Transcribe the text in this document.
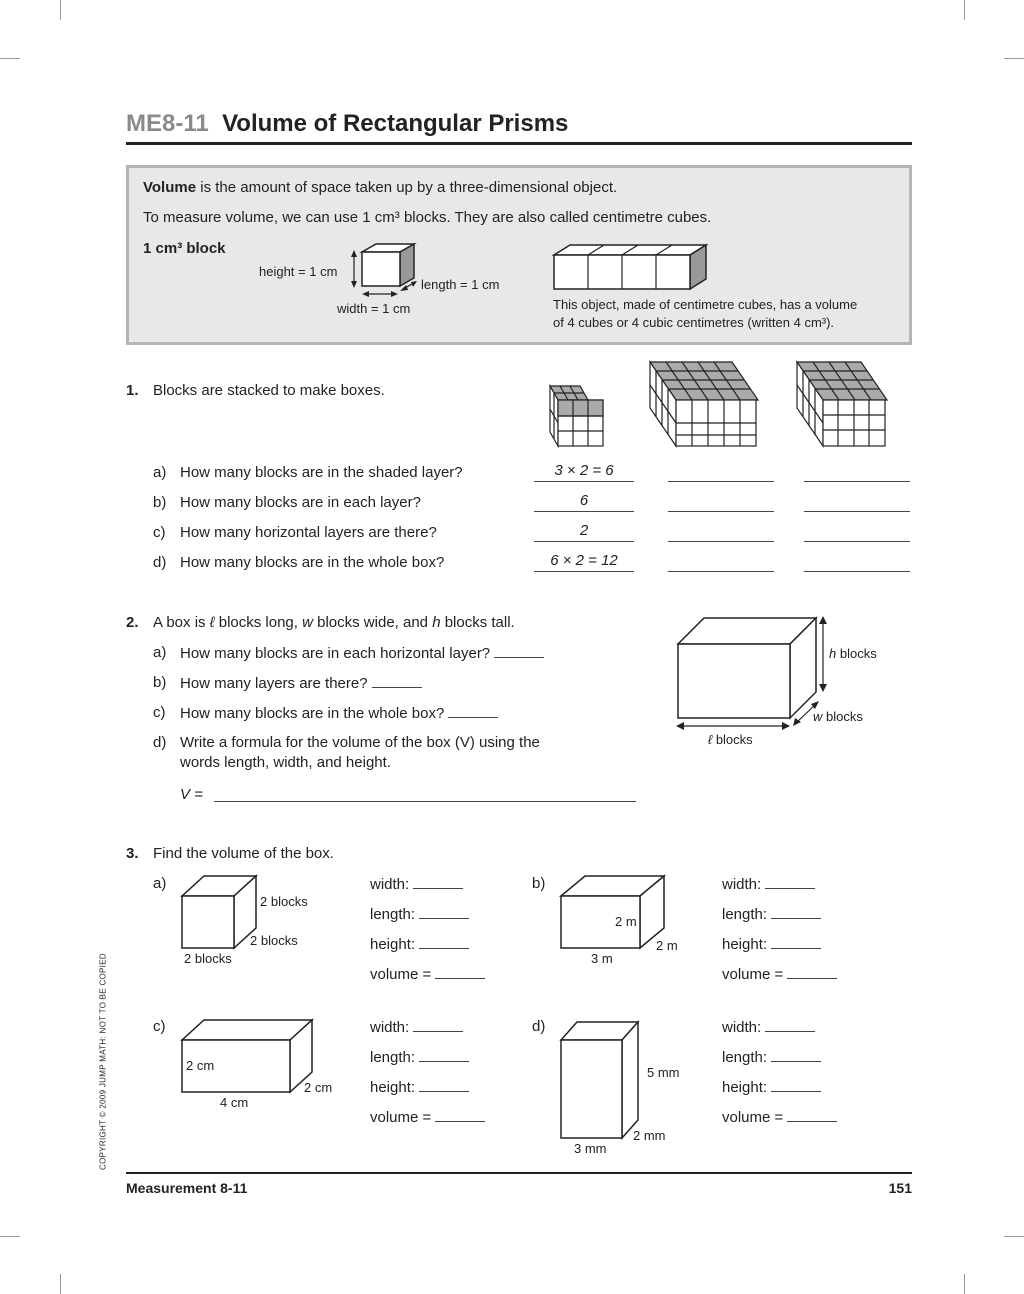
ME8-11 Volume of Rectangular Prisms
Volume is the amount of space taken up by a three-dimensional object.
To measure volume, we can use 1 cm³ blocks. They are also called centimetre cubes.
1 cm³ block
height = 1 cm
length = 1 cm
width = 1 cm	This object, made of centimetre cubes, has a volume
of 4 cubes or 4 cubic centimetres (written 4 cm³).
1. Blocks are stacked to make boxes.
a) How many blocks are in the shaded layer?
b) How many blocks are in each layer?
c) How many horizontal layers are there?
d) How many blocks are in the whole box?
3 × 2 = 6
6
2
6 × 2 = 12
2. A box is ℓ blocks long, w blocks wide, and h blocks tall.
a) How many blocks are in each horizontal layer?
b) How many layers are there?
c) How many blocks are in the whole box?
d) Write a formula for the volume of the box (V) using the
words length, width, and height.
V =
h blocks
w blocks
ℓ blocks
3. Find the volume of the box.
a)
2 blocks
2 blocks
2 blocks
width:
length:
height:
volume =
b)
2 m
2 m
3 m
width:
length:
height:
volume =
c)
2 cm
2 cm
4 cm
width:
length:
height:
volume =
d)
5 mm
2 mm
3 mm
width:
length:
height:
volume =
COPYRIGHT © 2009 JUMP MATH: NOT TO BE COPIED
Measurement 8-11	151
